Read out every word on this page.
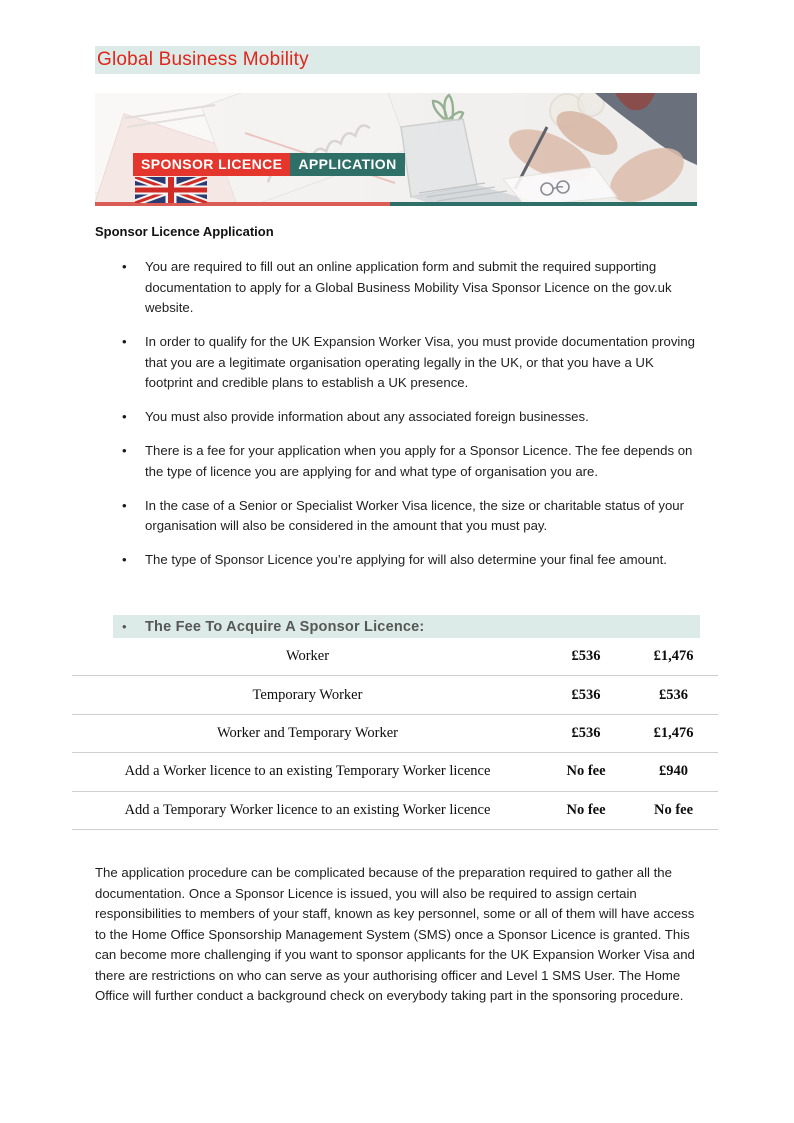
Global Business Mobility
SPONSOR LICENCE	APPLICATION
Sponsor Licence Application
•	You are required to fill out an online application form and submit the required supporting documentation to apply for a Global Business Mobility Visa Sponsor Licence on the gov.uk website.
•	In order to qualify for the UK Expansion Worker Visa, you must provide documentation proving that you are a legitimate organisation operating legally in the UK, or that you have a UK footprint and credible plans to establish a UK presence.
•	You must also provide information about any associated foreign businesses.
•	There is a fee for your application when you apply for a Sponsor Licence. The fee depends on the type of licence you are applying for and what type of organisation you are.
•	In the case of a Senior or Specialist Worker Visa licence, the size or charitable status of your organisation will also be considered in the amount that you must pay.
•	The type of Sponsor Licence you’re applying for will also determine your final fee amount.
•	The Fee To Acquire A Sponsor Licence:
Worker	£536	£1,476
Temporary Worker	£536	£536
Worker and Temporary Worker	£536	£1,476
Add a Worker licence to an existing Temporary Worker licence	No fee	£940
Add a Temporary Worker licence to an existing Worker licence	No fee	No fee
The application procedure can be complicated because of the preparation required to gather all the documentation. Once a Sponsor Licence is issued, you will also be required to assign certain responsibilities to members of your staff, known as key personnel, some or all of them will have access to the Home Office Sponsorship Management System (SMS) once a Sponsor Licence is granted. This can become more challenging if you want to sponsor applicants for the UK Expansion Worker Visa and there are restrictions on who can serve as your authorising officer and Level 1 SMS User. The Home Office will further conduct a background check on everybody taking part in the sponsoring procedure.
